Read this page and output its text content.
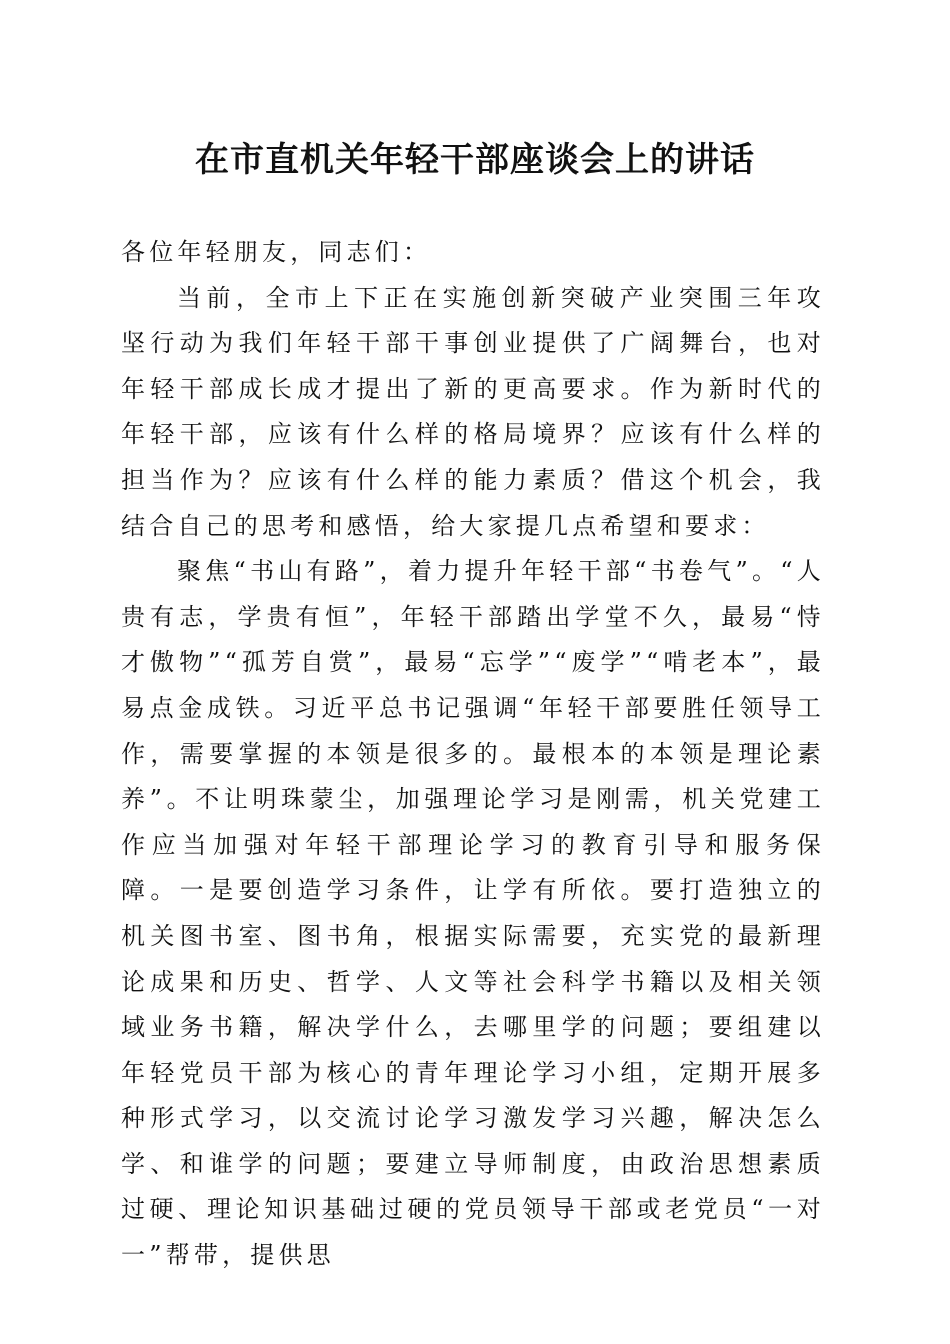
在市直机关年轻干部座谈会上的讲话

各位年轻朋友，同志们：

当前，全市上下正在实施创新突破产业突围三年攻坚行动为我们年轻干部干事创业提供了广阔舞台，也对年轻干部成长成才提出了新的更高要求。作为新时代的年轻干部，应该有什么样的格局境界？应该有什么样的担当作为？应该有什么样的能力素质？借这个机会，我结合自己的思考和感悟，给大家提几点希望和要求：

聚焦“书山有路”，着力提升年轻干部“书卷气”。“人贵有志，学贵有恒”，年轻干部踏出学堂不久，最易“恃才傲物”“孤芳自赏”，最易“忘学”“废学”“啃老本”，最易点金成铁。习近平总书记强调“年轻干部要胜任领导工作，需要掌握的本领是很多的。最根本的本领是理论素养”。不让明珠蒙尘，加强理论学习是刚需，机关党建工作应当加强对年轻干部理论学习的教育引导和服务保障。一是要创造学习条件，让学有所依。要打造独立的机关图书室、图书角，根据实际需要，充实党的最新理论成果和历史、哲学、人文等社会科学书籍以及相关领域业务书籍，解决学什么，去哪里学的问题；要组建以年轻党员干部为核心的青年理论学习小组，定期开展多种形式学习，以交流讨论学习激发学习兴趣，解决怎么学、和谁学的问题；要建立导师制度，由政治思想素质过硬、理论知识基础过硬的党员领导干部或老党员“一对一”帮带，提供思
